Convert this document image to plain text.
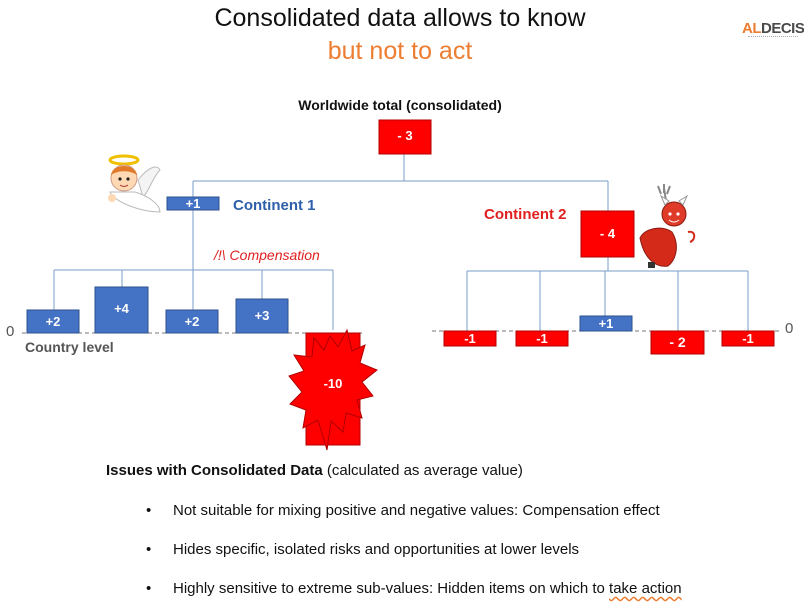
Consolidated data allows to know
but not to act
ALDECIS
Worldwide total (consolidated)
- 3
+1
- 4
+2
+4
+2	+3
-10
-1	-1
+1
- 2	-1
Continent 1
Continent 2
/!\ Compensation
Country level
0	0
Issues with Consolidated Data (calculated as average value)
• Not suitable for mixing positive and negative values: Compensation effect
• Hides specific, isolated risks and opportunities at lower levels
• Highly sensitive to extreme sub-values: Hidden items on which to take action
